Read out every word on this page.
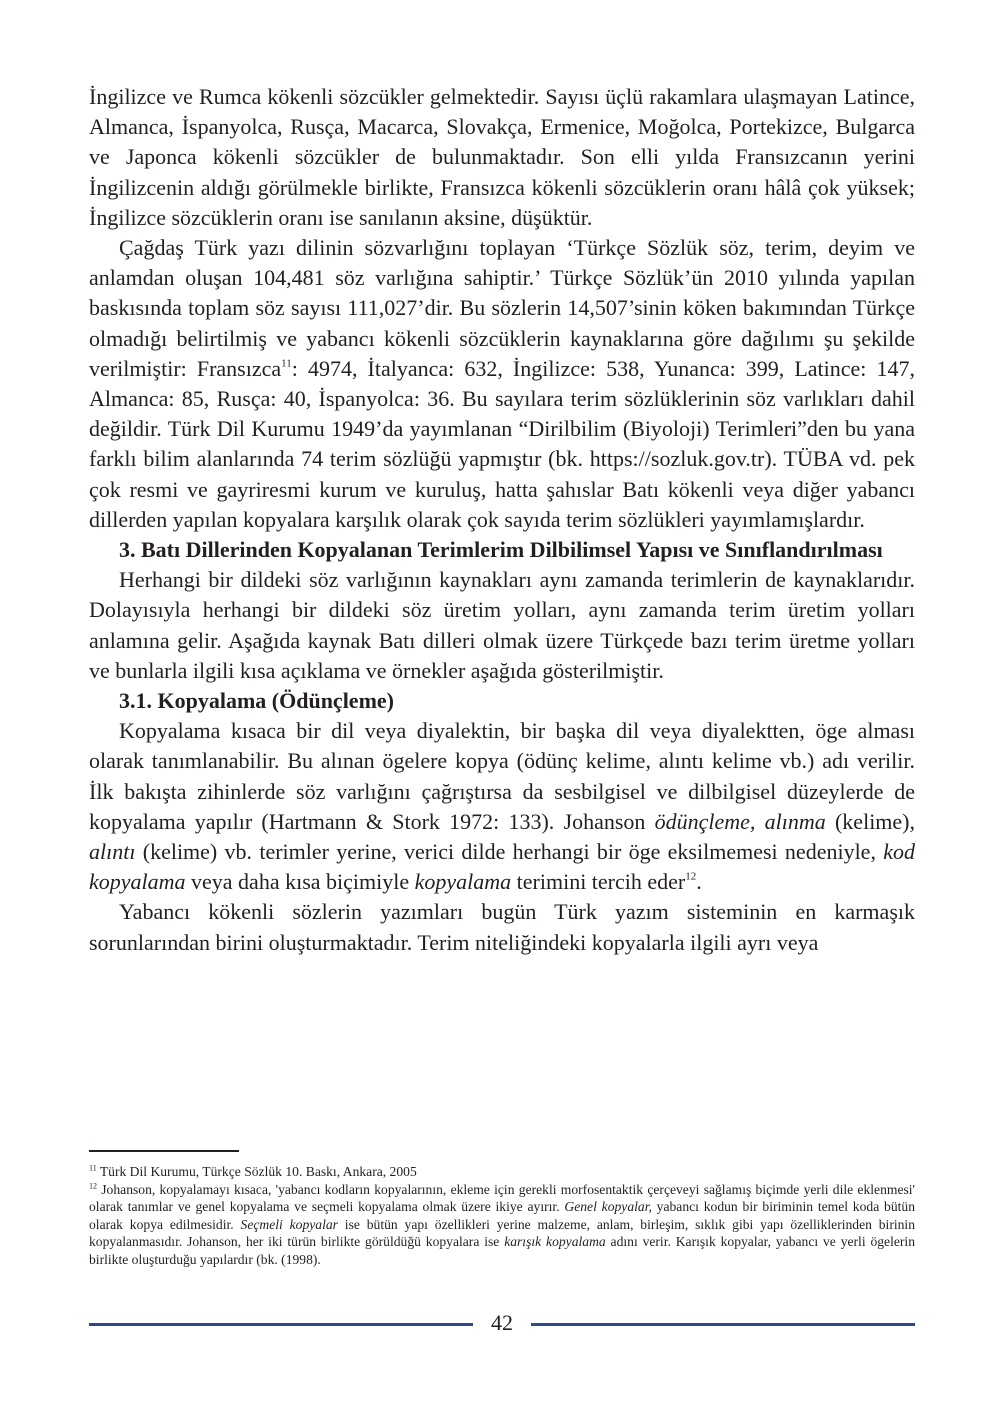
İngilizce ve Rumca kökenli sözcükler gelmektedir. Sayısı üçlü rakamlara ulaşmayan Latince, Almanca, İspanyolca, Rusça, Macarca, Slovakça, Ermenice, Moğolca, Portekizce, Bulgarca ve Japonca kökenli sözcükler de bulunmaktadır. Son elli yılda Fransızcanın yerini İngilizcenin aldığı görülmekle birlikte, Fransızca kökenli sözcüklerin oranı hâlâ çok yüksek; İngilizce sözcüklerin oranı ise sanılanın aksine, düşüktür.

Çağdaş Türk yazı dilinin sözvarlığını toplayan ‘Türkçe Sözlük söz, terim, deyim ve anlamdan oluşan 104,481 söz varlığına sahiptir.’ Türkçe Sözlük’ün 2010 yılında yapılan baskısında toplam söz sayısı 111,027’dir. Bu sözlerin 14,507’sinin köken bakımından Türkçe olmadığı belirtilmiş ve yabancı kökenli sözcüklerin kaynaklarına göre dağılımı şu şekilde verilmiştir: Fransızca$^{11}$: 4974, İtalyanca: 632, İngilizce: 538, Yunanca: 399, Latince: 147, Almanca: 85, Rusça: 40, İspanyolca: 36. Bu sayılara terim sözlüklerinin söz varlıkları dahil değildir. Türk Dil Kurumu 1949’da yayımlanan “Dirilbilim (Biyoloji) Terimleri”den bu yana farklı bilim alanlarında 74 terim sözlüğü yapmıştır (bk. https://sozluk.gov.tr). TÜBA vd. pek çok resmi ve gayriresmi kurum ve kuruluş, hatta şahıslar Batı kökenli veya diğer yabancı dillerden yapılan kopyalara karşılık olarak çok sayıda terim sözlükleri yayımlamışlardır.

3. Batı Dillerinden Kopyalanan Terimlerim Dilbilimsel Yapısı ve Sınıflandırılması

Herhangi bir dildeki söz varlığının kaynakları aynı zamanda terimlerin de kaynaklarıdır. Dolayısıyla herhangi bir dildeki söz üretim yolları, aynı zamanda terim üretim yolları anlamına gelir. Aşağıda kaynak Batı dilleri olmak üzere Türkçede bazı terim üretme yolları ve bunlarla ilgili kısa açıklama ve örnekler aşağıda gösterilmiştir.

3.1. Kopyalama (Ödünçleme)

Kopyalama kısaca bir dil veya diyalektin, bir başka dil veya diyalektten, öge alması olarak tanımlanabilir. Bu alınan ögelere kopya (ödünç kelime, alıntı kelime vb.) adı verilir. İlk bakışta zihinlerde söz varlığını çağrıştırsa da sesbilgisel ve dilbilgisel düzeylerde de kopyalama yapılır (Hartmann & Stork 1972: 133). Johanson ödünçleme, alınma (kelime), alıntı (kelime) vb. terimler yerine, verici dilde herhangi bir öge eksilmemesi nedeniyle, kod kopyalama veya daha kısa biçimiyle kopyalama terimini tercih eder$^{12}$.

Yabancı kökenli sözlerin yazımları bugün Türk yazım sisteminin en karmaşık sorunlarından birini oluşturmaktadır. Terim niteliğindeki kopyalarla ilgili ayrı veya

$^{11}$ Türk Dil Kurumu, Türkçe Sözlük 10. Baskı, Ankara, 2005

$^{12}$ Johanson, kopyalamayı kısaca, 'yabancı kodların kopyalarının, ekleme için gerekli morfosentaktik çerçeveyi sağlamış biçimde yerli dile eklenmesi' olarak tanımlar ve genel kopyalama ve seçmeli kopyalama olmak üzere ikiye ayırır. Genel kopyalar, yabancı kodun bir biriminin temel koda bütün olarak kopya edilmesidir. Seçmeli kopyalar ise bütün yapı özellikleri yerine malzeme, anlam, birleşim, sıklık gibi yapı özelliklerinden birinin kopyalanmasıdır. Johanson, her iki türün birlikte görüldüğü kopyalara ise karışık kopyalama adını verir. Karışık kopyalar, yabancı ve yerli ögelerin birlikte oluşturduğu yapılardır (bk. (1998).

42
